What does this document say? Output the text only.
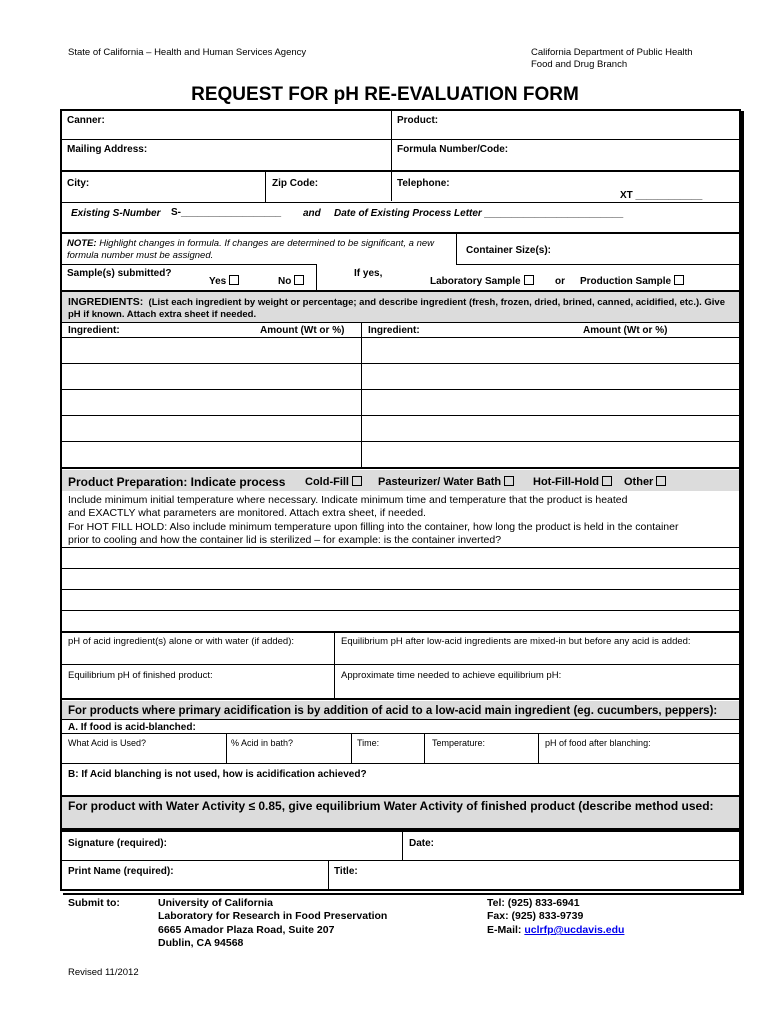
State of California – Health and Human Services Agency	California Department of Public Health
Food and Drug Branch
REQUEST FOR pH RE-EVALUATION FORM
Canner:	Product:
Mailing Address:	Formula Number/Code:
City:	Zip Code:	Telephone:
XT ____________
Existing S-Number S-__________________ and Date of Existing Process Letter _________________________
NOTE: Highlight changes in formula. If changes are determined to be significant, a new formula number must be assigned.	Container Size(s):
Sample(s) submitted?
Yes	No
If yes,
Laboratory Sample	or Production Sample
INGREDIENTS: (List each ingredient by weight or percentage; and describe ingredient (fresh, frozen, dried, brined, canned, acidified, etc.). Give pH if known. Attach extra sheet if needed.
Ingredient:	Amount (Wt or %) Ingredient:	Amount (Wt or %)
Product Preparation: Indicate process Cold-Fill	Pasteurizer/ Water Bath	Hot-Fill-Hold	Other
Include minimum initial temperature where necessary. Indicate minimum time and temperature that the product is heated
and EXACTLY what parameters are monitored. Attach extra sheet, if needed.
For HOT FILL HOLD: Also include minimum temperature upon filling into the container, how long the product is held in the container
prior to cooling and how the container lid is sterilized – for example: is the container inverted?
pH of acid ingredient(s) alone or with water (if added):	Equilibrium pH after low-acid ingredients are mixed-in but before any acid is added:
Equilibrium pH of finished product:	Approximate time needed to achieve equilibrium pH:
For products where primary acidification is by addition of acid to a low-acid main ingredient (eg. cucumbers, peppers):
A. If food is acid-blanched:
What Acid is Used?	% Acid in bath?	Time:	Temperature:	pH of food after blanching:
B: If Acid blanching is not used, how is acidification achieved?
For product with Water Activity ≤ 0.85, give equilibrium Water Activity of finished product (describe method used:
Signature (required):	Date:
Print Name (required):	Title:
Submit to:	University of California
Laboratory for Research in Food Preservation
6665 Amador Plaza Road, Suite 207
Dublin, CA 94568
Tel: (925) 833-6941
Fax: (925) 833-9739
E-Mail: uclrfp@ucdavis.edu
Revised 11/2012
